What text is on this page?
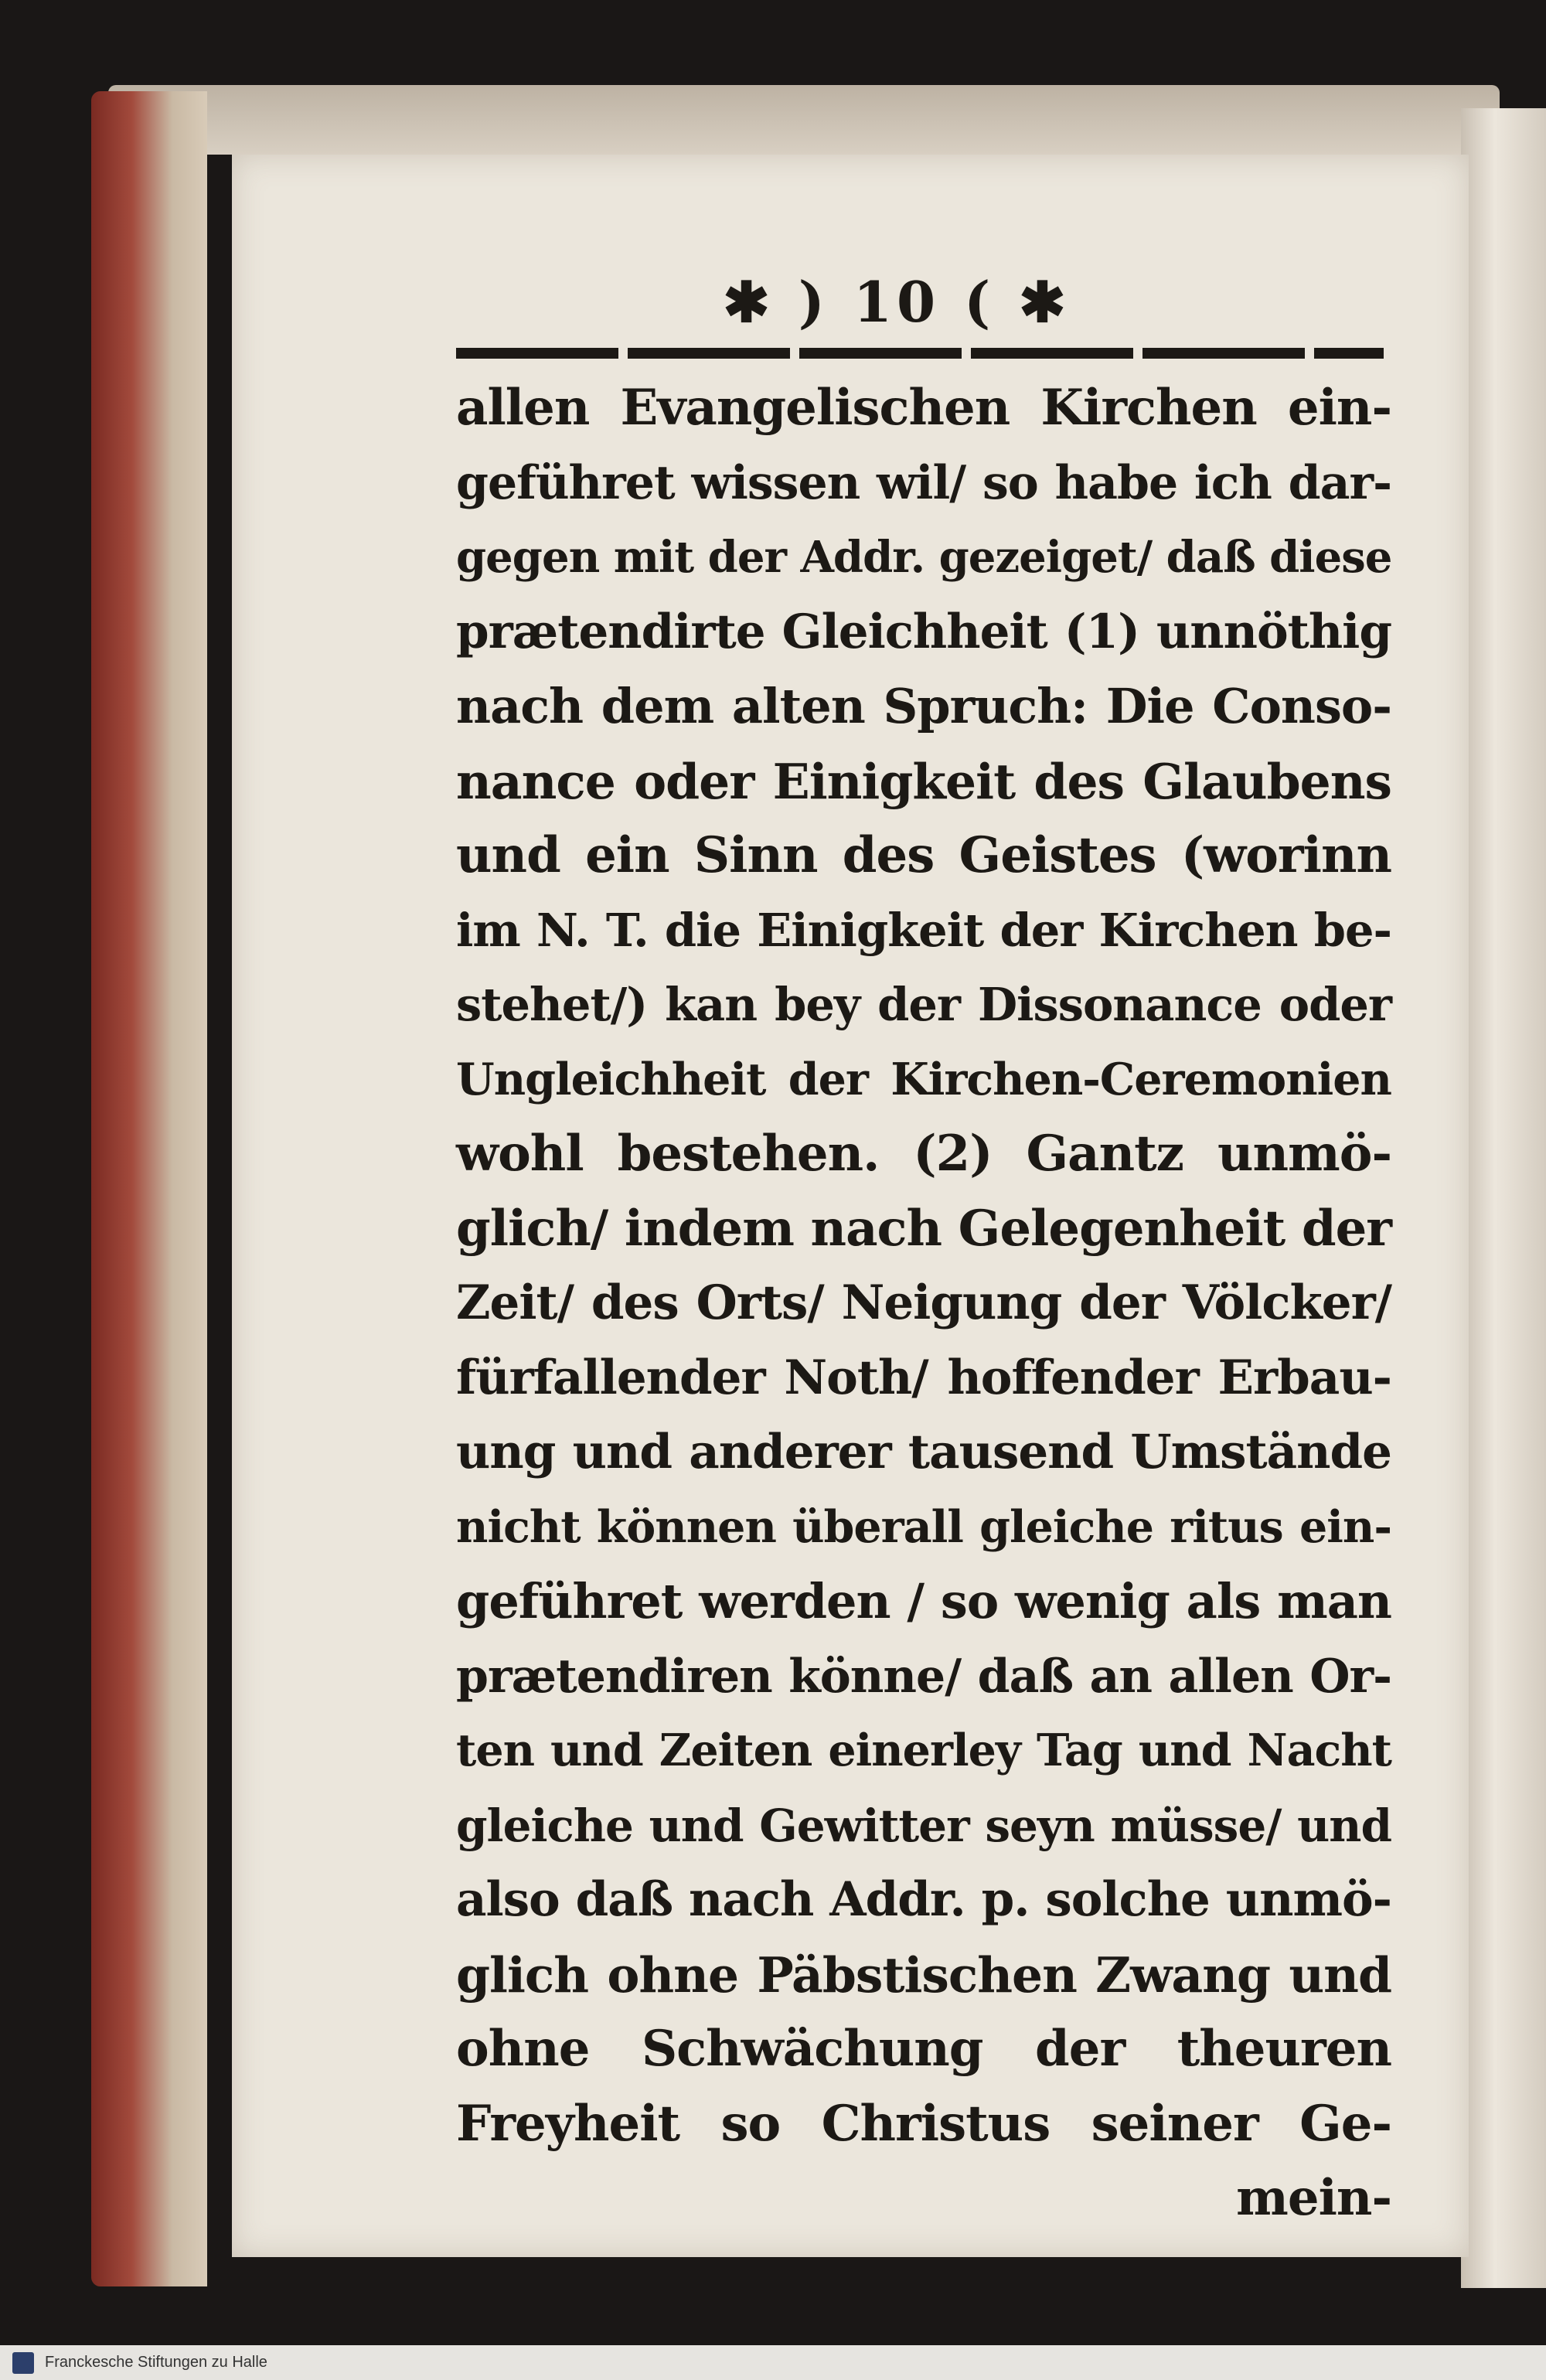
✱ ) 10 ( ✱
allen Evangelischen Kirchen ein-
geführet wissen wil/ so habe ich dar-
gegen mit der Addr. gezeiget/ daß diese
prætendirte Gleichheit (1) unnöthig
nach dem alten Spruch: Die Conso-
nance oder Einigkeit des Glaubens
und ein Sinn des Geistes (worinn
im N. T. die Einigkeit der Kirchen be-
stehet/) kan bey der Dissonance oder
Ungleichheit der Kirchen-Ceremonien
wohl bestehen. (2) Gantz unmö-
glich/ indem nach Gelegenheit der
Zeit/ des Orts/ Neigung der Völcker/
fürfallender Noth/ hoffender Erbau-
ung und anderer tausend Umstände
nicht können überall gleiche ritus ein-
geführet werden / so wenig als man
prætendiren könne/ daß an allen Or-
ten und Zeiten einerley Tag und Nacht
gleiche und Gewitter seyn müsse/ und
also daß nach Addr. p. solche unmö-
glich ohne Päbstischen Zwang und
ohne Schwächung der theuren
Freyheit so Christus seiner Ge-
mein-
Franckesche Stiftungen zu Halle
